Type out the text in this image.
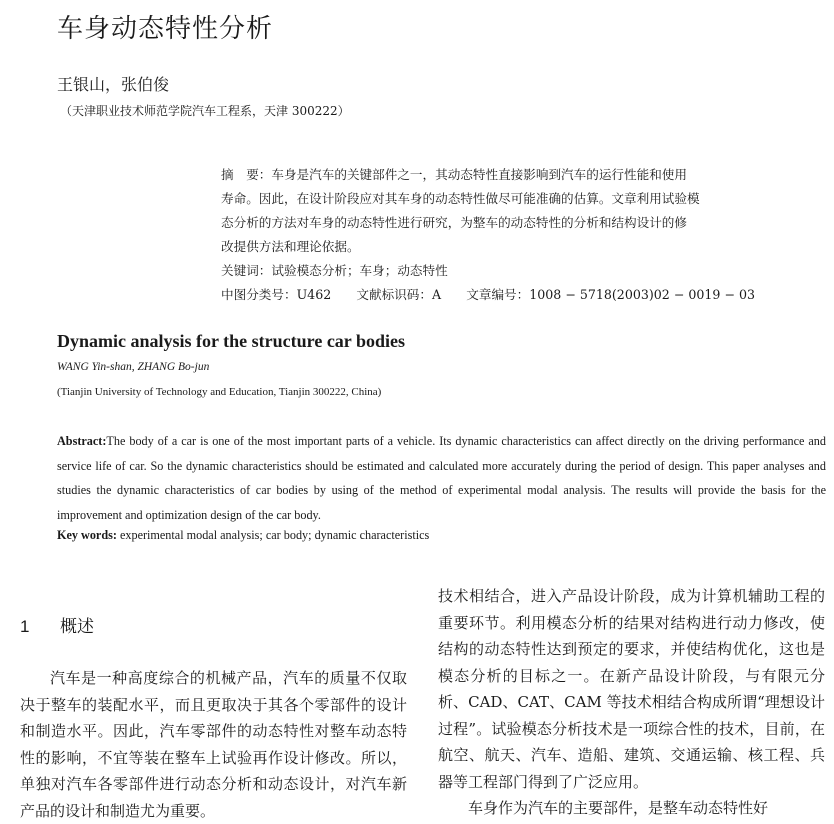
车身动态特性分析
王银山，张伯俊
（天津职业技术师范学院汽车工程系，天津 300222）

摘　要：车身是汽车的关键部件之一，其动态特性直接影响到汽车的运行性能和使用

寿命。因此，在设计阶段应对其车身的动态特性做尽可能准确的估算。文章利用试验模

态分析的方法对车身的动态特性进行研究，为整车的动态特性的分析和结构设计的修

改提供方法和理论依据。

关键词：试验模态分析；车身；动态特性

中图分类号：U462 文献标识码：A 文章编号：1008 − 5718(2003)02 − 0019 − 03

Dynamic analysis for the structure car bodies
WANG Yin-shan, ZHANG Bo-jun
(Tianjin University of Technology and Education, Tianjin 300222, China)

Abstract:The body of a car is one of the most important parts of a vehicle. Its dynamic characteristics can affect directly on the driving performance and service life of car. So the dynamic characteristics should be estimated and calculated more accurately during the period of design. This paper analyses and studies the dynamic characteristics of car bodies by using of the method of experimental modal analysis. The results will provide the basis for the improvement and optimization design of the car body.

Key words: experimental modal analysis; car body; dynamic characteristics
1 概述

汽车是一种高度综合的机械产品，汽车的质量不仅取决于整车的装配水平，而且更取决于其各个零部件的设计和制造水平。因此，汽车零部件的动态特性对整车动态特性的影响，不宜等装在整车上试验再作设计修改。所以，单独对汽车各零部件进行动态分析和动态设计，对汽车新产品的设计和制造尤为重要。

技术相结合，进入产品设计阶段，成为计算机辅助工程的重要环节。利用模态分析的结果对结构进行动力修改，使结构的动态特性达到预定的要求，并使结构优化，这也是模态分析的目标之一。在新产品设计阶段，与有限元分析、CAD、CAT、CAM 等技术相结合构成所谓“理想设计过程”。试验模态分析技术是一项综合性的技术，目前，在航空、航天、汽车、造船、建筑、交通运输、核工程、兵器等工程部门得到了广泛应用。

车身作为汽车的主要部件，是整车动态特性好
